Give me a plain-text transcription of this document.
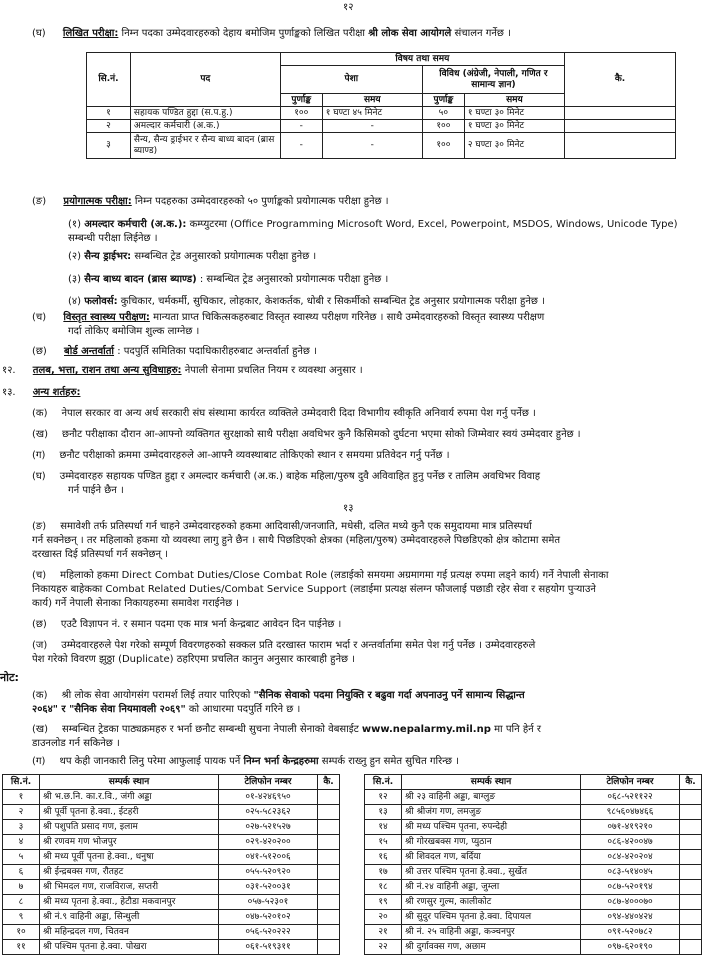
१२
(घ) लिखित परीक्षा: निम्न पदका उम्मेदवारहरुको देहाय बमोजिम पुर्णाङ्कको लिखित परीक्षा श्री लोक सेवा आयोगले संचालन गर्नेछ ।
सि.नं.	पद	विषय तथा समय				कै.
		पेशा		विविध (अंग्रेजी, नेपाली, गणित र सामान्य ज्ञान)		
		पुर्णाङ्क	समय	पुर्णाङ्क	समय	
१	सहायक पण्डित हुद्दा (स.प.हु.)	१००	१ घण्टा ४५ मिनेट	५०	१ घण्टा ३० मिनेट	
२	अमल्दार कर्मचारी (अ.क.)	-	-	१००	१ घण्टा ३० मिनेट	
३	सैन्य, सैन्य ड्राईभर र सैन्य बाध्य बादन (ब्रास ब्याण्ड)	-	-	१००	२ घण्टा ३० मिनेट	
(ङ) प्रयोगात्मक परीक्षा: निम्न पदहरुका उम्मेदवारहरुको ५० पुर्णाङ्कको प्रयोगात्मक परीक्षा हुनेछ ।
(१) अमल्दार कर्मचारी (अ.क.): कम्प्युटरमा (Office Programming Microsoft Word, Excel, Powerpoint, MSDOS, Windows, Unicode Type)
सम्बन्धी परीक्षा लिईनेछ ।
(२) सैन्य ड्राईभर: सम्बन्धित ट्रेड अनुसारको प्रयोगात्मक परीक्षा हुनेछ ।
(३) सैन्य बाध्य बादन (ब्रास ब्याण्ड) : सम्बन्धित ट्रेड अनुसारको प्रयोगात्मक परीक्षा हुनेछ ।
(४) फलोवर्स: कुचिकार, चर्मकर्मी, सुचिकार, लोहकार, केशकर्तक, धोबी र सिकर्मीको सम्बन्धित ट्रेड अनुसार प्रयोगात्मक परीक्षा हुनेछ ।
(च) विस्तृत स्वास्थ्य परीक्षण: मान्यता प्राप्त चिकित्सकहरुबाट विस्तृत स्वास्थ्य परीक्षण गरिनेछ । साथै उम्मेदवारहरुको विस्तृत स्वास्थ्य परीक्षण
गर्दा तोकिए बमोजिम शुल्क लाग्नेछ ।
(छ) बोर्ड अन्तर्वार्ता : पदपुर्ति समितिका पदाधिकारीहरुबाट अन्तर्वार्ता हुनेछ ।
१२. तलब, भत्ता, राशन तथा अन्य सुविधाहरु: नेपाली सेनामा प्रचलित नियम र व्यवस्था अनुसार ।
१३. अन्य शर्तहरु:
(क) नेपाल सरकार वा अन्य अर्ध सरकारी संघ संस्थामा कार्यरत व्यक्तिले उम्मेदवारी दिदा विभागीय स्वीकृति अनिवार्य रुपमा पेश गर्नु पर्नेछ ।
(ख) छनौट परीक्षाका दौरान आ-आफ्नो व्यक्तिगत सुरक्षाको साथै परीक्षा अवधिभर कुनै किसिमको दुर्घटना भएमा सोको जिम्मेवार स्वयं उम्मेदवार हुनेछ ।
(ग) छनौट परीक्षाको क्रममा उम्मेदवारहरुले आ-आफ्नै व्यवस्थाबाट तोकिएको स्थान र समयमा प्रतिवेदन गर्नु पर्नेछ ।
(घ) उम्मेदवारहरु सहायक पण्डित हुद्दा र अमल्दार कर्मचारी (अ.क.) बाहेक महिला/पुरुष दुवै अविवाहित हुनु पर्नेछ र तालिम अवधिभर विवाह
गर्न पाईने छैन ।
१३
(ङ) समावेशी तर्फ प्रतिस्पर्धा गर्न चाहने उम्मेदवारहरुको हकमा आदिवासी/जनजाति, मधेसी, दलित मध्ये कुनै एक समुदायमा मात्र प्रतिस्पर्धा
गर्न सक्नेछन् । तर महिलाको हकमा यो व्यवस्था लागु हुने छैन । साथै पिछडिएको क्षेत्रका (महिला/पुरुष) उम्मेदवारहरुले पिछडिएको क्षेत्र कोटामा समेत
दरखास्त दिई प्रतिस्पर्धा गर्न सक्नेछन् ।
(च) महिलाको हकमा Direct Combat Duties/Close Combat Role (लडाईको समयमा अग्रमागमा गई प्रत्यक्ष रुपमा लड्ने कार्य) गर्ने नेपाली सेनाका
निकायहरु बाहेकका Combat Related Duties/Combat Service Support (लडाईमा प्रत्यक्ष संलग्न फौजलाई पछाडी रहेर सेवा र सहयोग पुर्‍याउने
कार्य) गर्ने नेपाली सेनाका निकायहरुमा समावेश गराईनेछ ।
(छ) एउटै विज्ञापन नं. र समान पदमा एक मात्र भर्ना केन्द्रबाट आवेदन दिन पाईनेछ ।
(ज) उम्मेदवारहरुले पेश गरेको सम्पूर्ण विवरणहरुको सक्कल प्रति दरखास्त फाराम भर्दा र अन्तर्वार्तामा समेत पेश गर्नु पर्नेछ । उम्मेदवारहरुले
पेश गरेको विवरण झुठ्ठा (Duplicate) ठहरिएमा प्रचलित कानुन अनुसार कारबाही हुनेछ ।
नोट:
(क) श्री लोक सेवा आयोगसंग परामर्श लिई तयार पारिएको "सैनिक सेवाको पदमा नियुक्ति र बढुवा गर्दा अपनाउनु पर्ने सामान्य सिद्धान्त
२०६४" र "सैनिक सेवा नियमावली २०६९" को आधारमा पदपुर्ति गरिने छ ।
(ख) सम्बन्धित ट्रेडका पाठ्यक्रमहरु र भर्ना छनौट सम्बन्धी सुचना नेपाली सेनाको वेबसाईट www.nepalarmy.mil.np मा पनि हेर्न र
डाउनलोड गर्न सकिनेछ ।
(ग) थप केही जानकारी लिनु परेमा आफुलाई पायक पर्ने निम्न भर्ना केन्द्रहरुमा सम्पर्क राख्नु हुन समेत सुचित गरिन्छ ।
सि.नं.	सम्पर्क स्थान	टेलिफोन नम्बर	कै.
१	श्री भ.छ.नि. का.र.वि., जंगी अड्डा	०१-४२४६९५०	
२	श्री पूर्वी पृतना हे.क्वा., ईटहरी	०२५-५८२३६२	
३	श्री पशुपति प्रसाद गण, इलाम	०२७-५२१५२७	
४	श्री रणवम गण भोजपुर	०२९-४२०२००	
५	श्री मध्य पूर्वी पृतना हे.क्वा., धनुषा	०४१-५१२००६	
६	श्री ईन्द्रबक्स गण, रौतहट	०५५-५२०९२०	
७	श्री भिमदल गण, राजविराज, सप्तरी	०३१-५२००३१	
८	श्री मध्य पृतना हे.क्वा., हेटौडा मकवानपुर	०५७-५२३०१	
९	श्री नं.९ वाहिनी अड्डा, सिन्धुली	०४७-५२०१०२	
१०	श्री महिन्द्रदल गण, चितवन	०५६-५२०२२२	
११	श्री पश्चिम पृतना हे.क्वा. पोखरा	०६१-५१९३११	
सि.नं.	सम्पर्क स्थान	टेलिफोन नम्बर	कै.
१२	श्री २३ वाहिनी अड्डा, बाग्लुङ	०६८-५२११२२	
१३	श्री श्रीजंग गण, लमजुङ	९८५६०४७४६६	
१४	श्री मध्य पश्चिम पृतना, रुपन्देही	०७१-४१९२१०	
१५	श्री गोरखबक्स गण, प्युठान	०८६-४२००४७	
१६	श्री शिवदल गण, बर्दिया	०८४-४२०२०४	
१७	श्री उत्तर पश्चिम पृतना हे.क्वा., सुर्खेत	०८३-५१४०४५	
१८	श्री नं.२४ वाहिनी अड्डा, जुम्ला	०८७-५२०१९४	
१९	श्री रणसुर गुल्म, कालीकोट	०८७-४०००७०	
२०	श्री सुदुर पश्चिम पृतना हे.क्वा. दिपायल	०९४-४४०४२४	
२१	श्री नं. २५ वाहिनी अड्डा, कञ्चनपुर	०९१-५२०७८२	
२२	श्री दुर्गावक्स गण, अछाम	०९७-६२०१९०	
